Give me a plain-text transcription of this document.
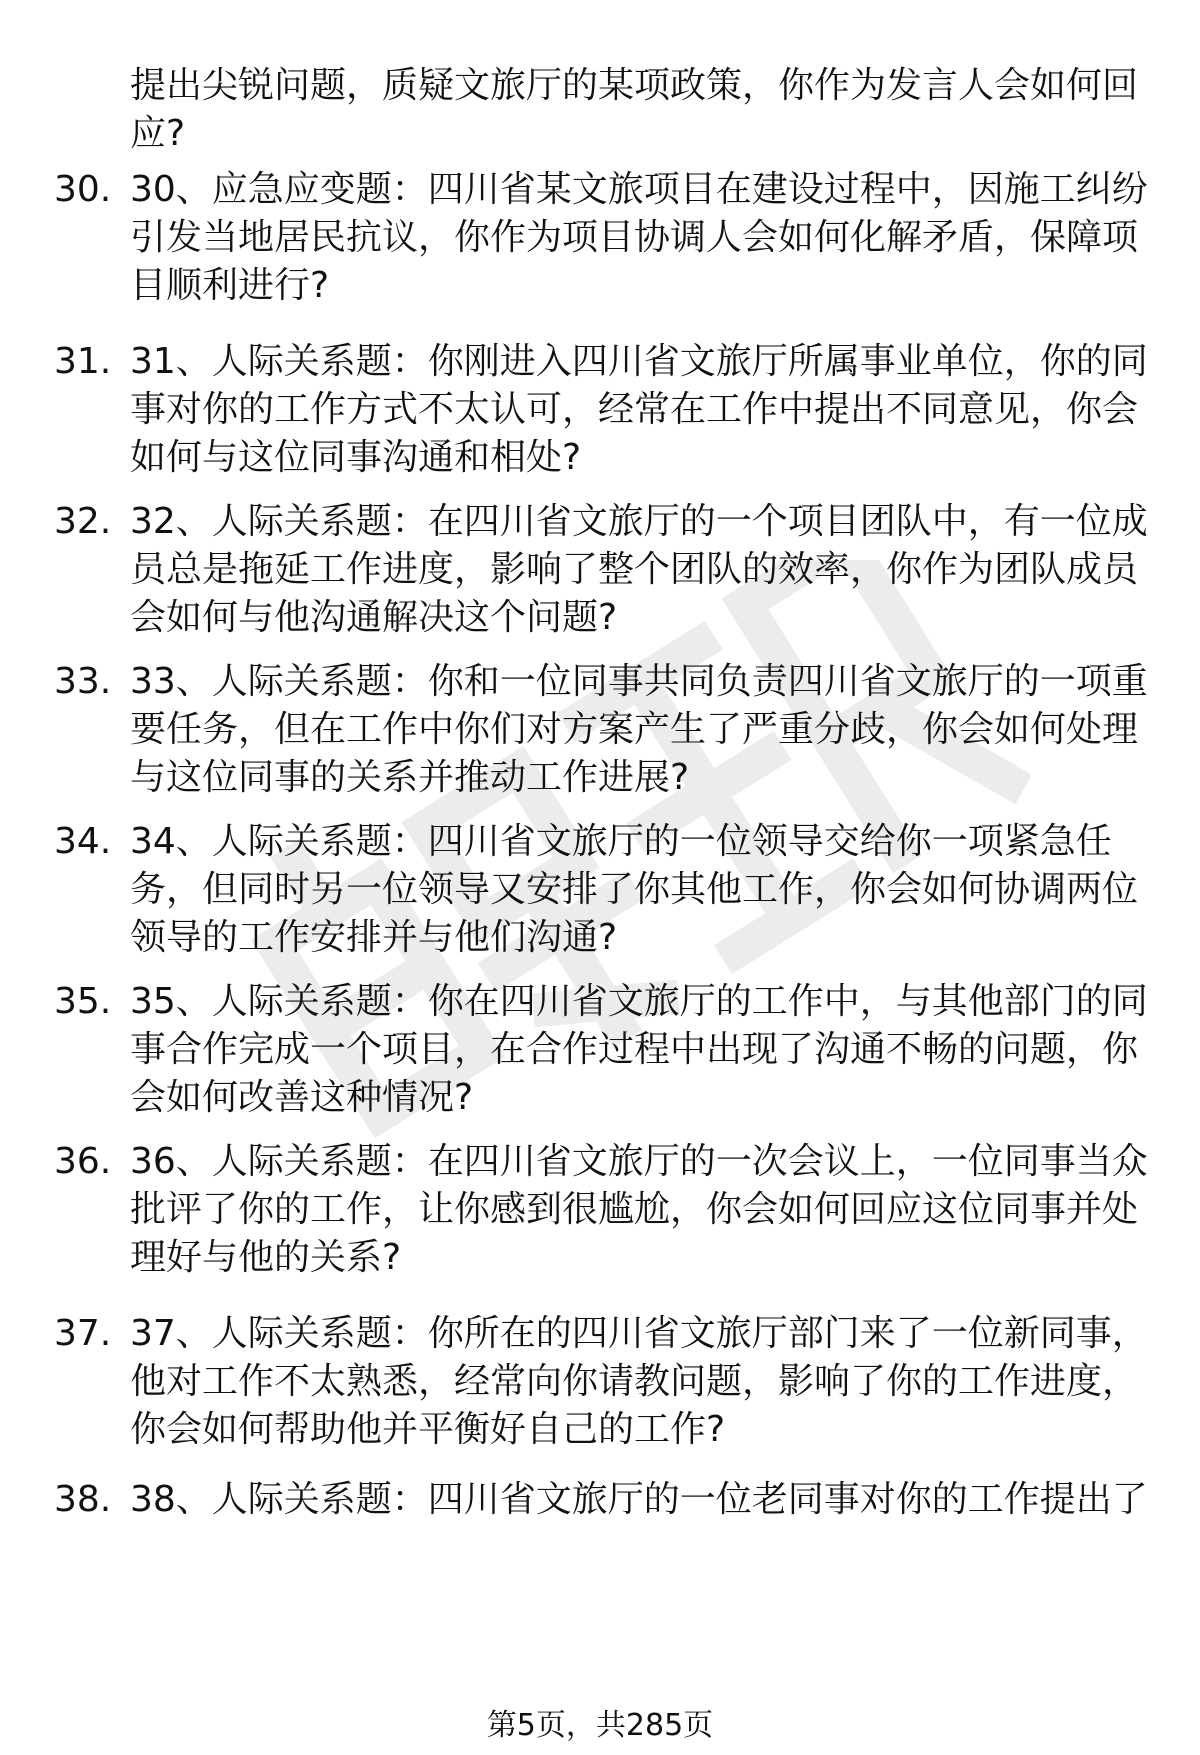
提出尖锐问题，质疑文旅厅的某项政策，你作为发言人会如何回应?
30. 30、应急应变题：四川省某文旅项目在建设过程中，因施工纠纷引发当地居民抗议，你作为项目协调人会如何化解矛盾，保障项目顺利进行?
31. 31、人际关系题：你刚进入四川省文旅厅所属事业单位，你的同事对你的工作方式不太认可，经常在工作中提出不同意见，你会如何与这位同事沟通和相处?
32. 32、人际关系题：在四川省文旅厅的一个项目团队中，有一位成员总是拖延工作进度，影响了整个团队的效率，你作为团队成员会如何与他沟通解决这个问题?
33. 33、人际关系题：你和一位同事共同负责四川省文旅厅的一项重要任务，但在工作中你们对方案产生了严重分歧，你会如何处理与这位同事的关系并推动工作进展?
34. 34、人际关系题：四川省文旅厅的一位领导交给你一项紧急任务，但同时另一位领导又安排了你其他工作，你会如何协调两位领导的工作安排并与他们沟通?
35. 35、人际关系题：你在四川省文旅厅的工作中，与其他部门的同事合作完成一个项目，在合作过程中出现了沟通不畅的问题，你会如何改善这种情况?
36. 36、人际关系题：在四川省文旅厅的一次会议上，一位同事当众批评了你的工作，让你感到很尴尬，你会如何回应这位同事并处理好与他的关系?
37. 37、人际关系题：你所在的四川省文旅厅部门来了一位新同事，他对工作不太熟悉，经常向你请教问题，影响了你的工作进度，你会如何帮助他并平衡好自己的工作?
38. 38、人际关系题：四川省文旅厅的一位老同事对你的工作提出了
第5页，共285页
